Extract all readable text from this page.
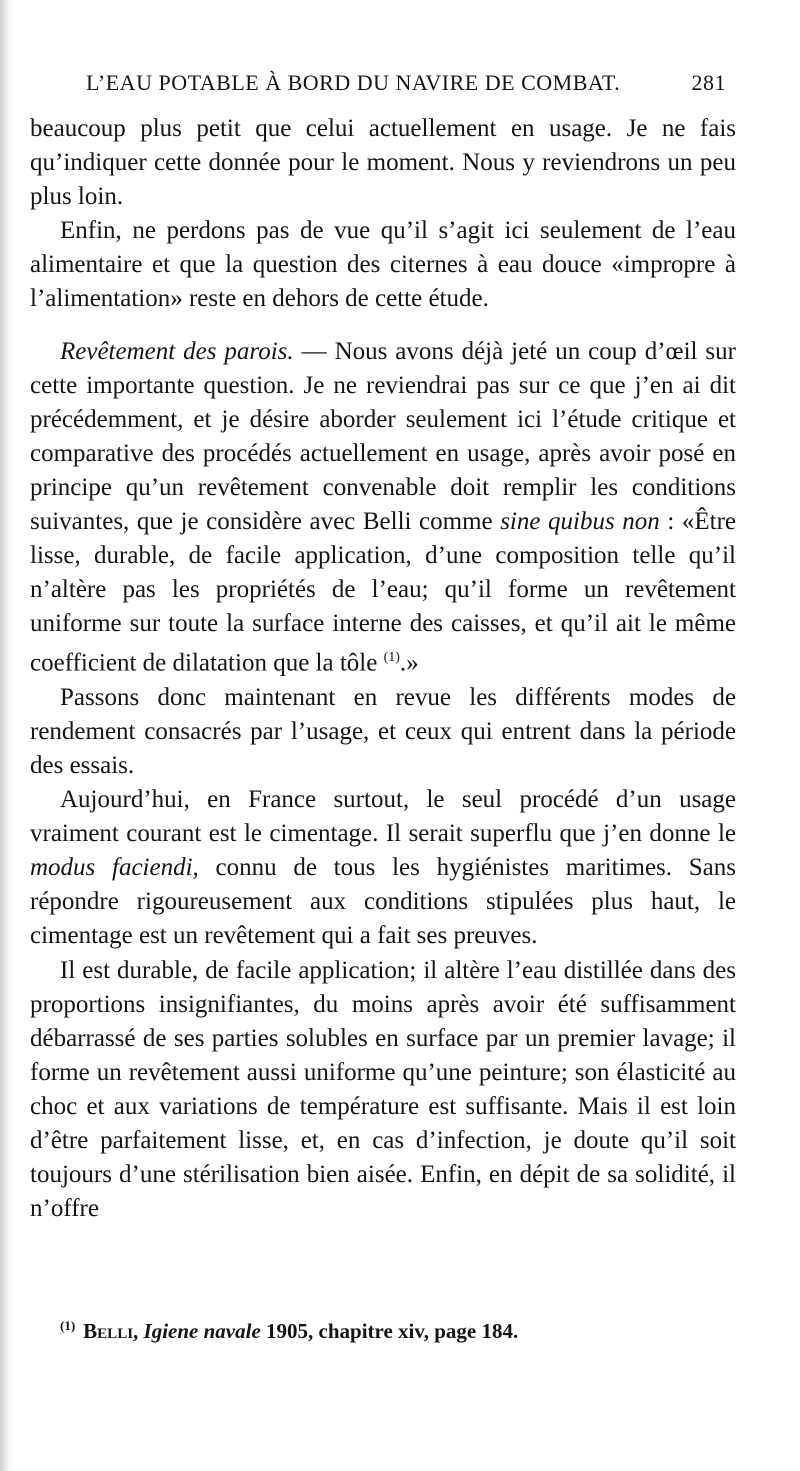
L’EAU POTABLE À BORD DU NAVIRE DE COMBAT.	281

beaucoup plus petit que celui actuellement en usage. Je ne fais qu’indiquer cette donnée pour le moment. Nous y reviendrons un peu plus loin.

Enfin, ne perdons pas de vue qu’il s’agit ici seulement de l’eau alimentaire et que la question des citernes à eau douce «impropre à l’alimentation» reste en dehors de cette étude.

Revêtement des parois. — Nous avons déjà jeté un coup d’œil sur cette importante question. Je ne reviendrai pas sur ce que j’en ai dit précédemment, et je désire aborder seulement ici l’étude critique et comparative des procédés actuellement en usage, après avoir posé en principe qu’un revêtement convenable doit remplir les conditions suivantes, que je considère avec Belli comme sine quibus non : «Être lisse, durable, de facile application, d’une composition telle qu’il n’altère pas les propriétés de l’eau; qu’il forme un revêtement uniforme sur toute la surface interne des caisses, et qu’il ait le même coefficient de dilatation que la tôle $^{(1)}$.»

Passons donc maintenant en revue les différents modes de rendement consacrés par l’usage, et ceux qui entrent dans la période des essais.

Aujourd’hui, en France surtout, le seul procédé d’un usage vraiment courant est le cimentage. Il serait superflu que j’en donne le modus faciendi, connu de tous les hygiénistes maritimes. Sans répondre rigoureusement aux conditions stipulées plus haut, le cimentage est un revêtement qui a fait ses preuves.

Il est durable, de facile application; il altère l’eau distillée dans des proportions insignifiantes, du moins après avoir été suffisamment débarrassé de ses parties solubles en surface par un premier lavage; il forme un revêtement aussi uniforme qu’une peinture; son élasticité au choc et aux variations de température est suffisante. Mais il est loin d’être parfaitement lisse, et, en cas d’infection, je doute qu’il soit toujours d’une stérilisation bien aisée. Enfin, en dépit de sa solidité, il n’offre

$^{(1)}$ Belli, Igiene navale 1905, chapitre xiv, page 184.
